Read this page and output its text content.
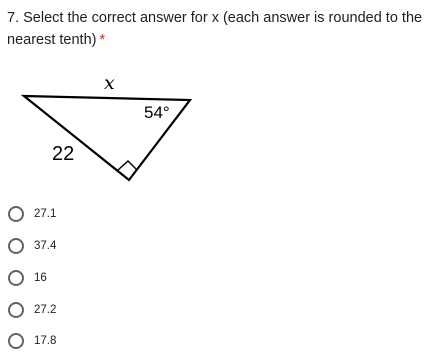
7. Select the correct answer for x (each answer is rounded to the nearest tenth) *
x
54°
22
27.1
37.4
16
27.2
17.8
